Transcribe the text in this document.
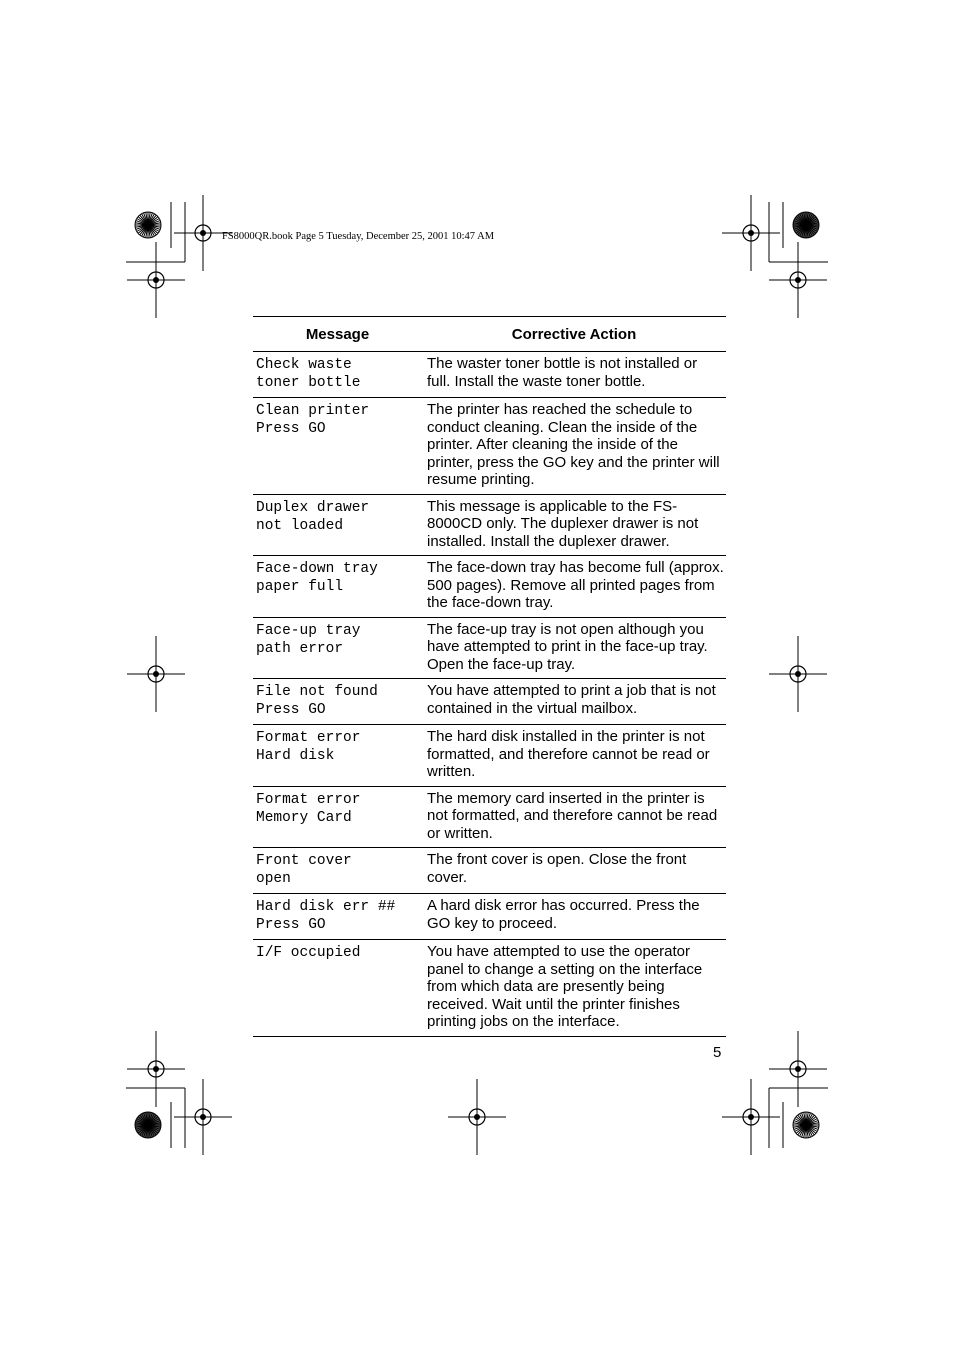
FS8000QR.book Page 5 Tuesday, December 25, 2001 10:47 AM
Message	Corrective Action
Check waste
toner bottle	The waster toner bottle is not installed or full. Install the waste toner bottle.
Clean printer
Press GO	The printer has reached the schedule to conduct cleaning. Clean the inside of the printer. After cleaning the inside of the printer, press the GO key and the printer will resume printing.
Duplex drawer
not loaded	This message is applicable to the FS-8000CD only. The duplexer drawer is not installed. Install the duplexer drawer.
Face-down tray
paper full	The face-down tray has become full (approx. 500 pages). Remove all printed pages from the face-down tray.
Face-up tray
path error	The face-up tray is not open although you have attempted to print in the face-up tray. Open the face-up tray.
File not found
Press GO	You have attempted to print a job that is not contained in the virtual mailbox.
Format error
Hard disk	The hard disk installed in the printer is not formatted, and therefore cannot be read or written.
Format error
Memory Card	The memory card inserted in the printer is not formatted, and therefore cannot be read or written.
Front cover
open	The front cover is open. Close the front cover.
Hard disk err ##
Press GO	A hard disk error has occurred. Press the GO key to proceed.
I/F occupied	You have attempted to use the operator panel to change a setting on the interface from which data are presently being received. Wait until the printer finishes printing jobs on the interface.
5
